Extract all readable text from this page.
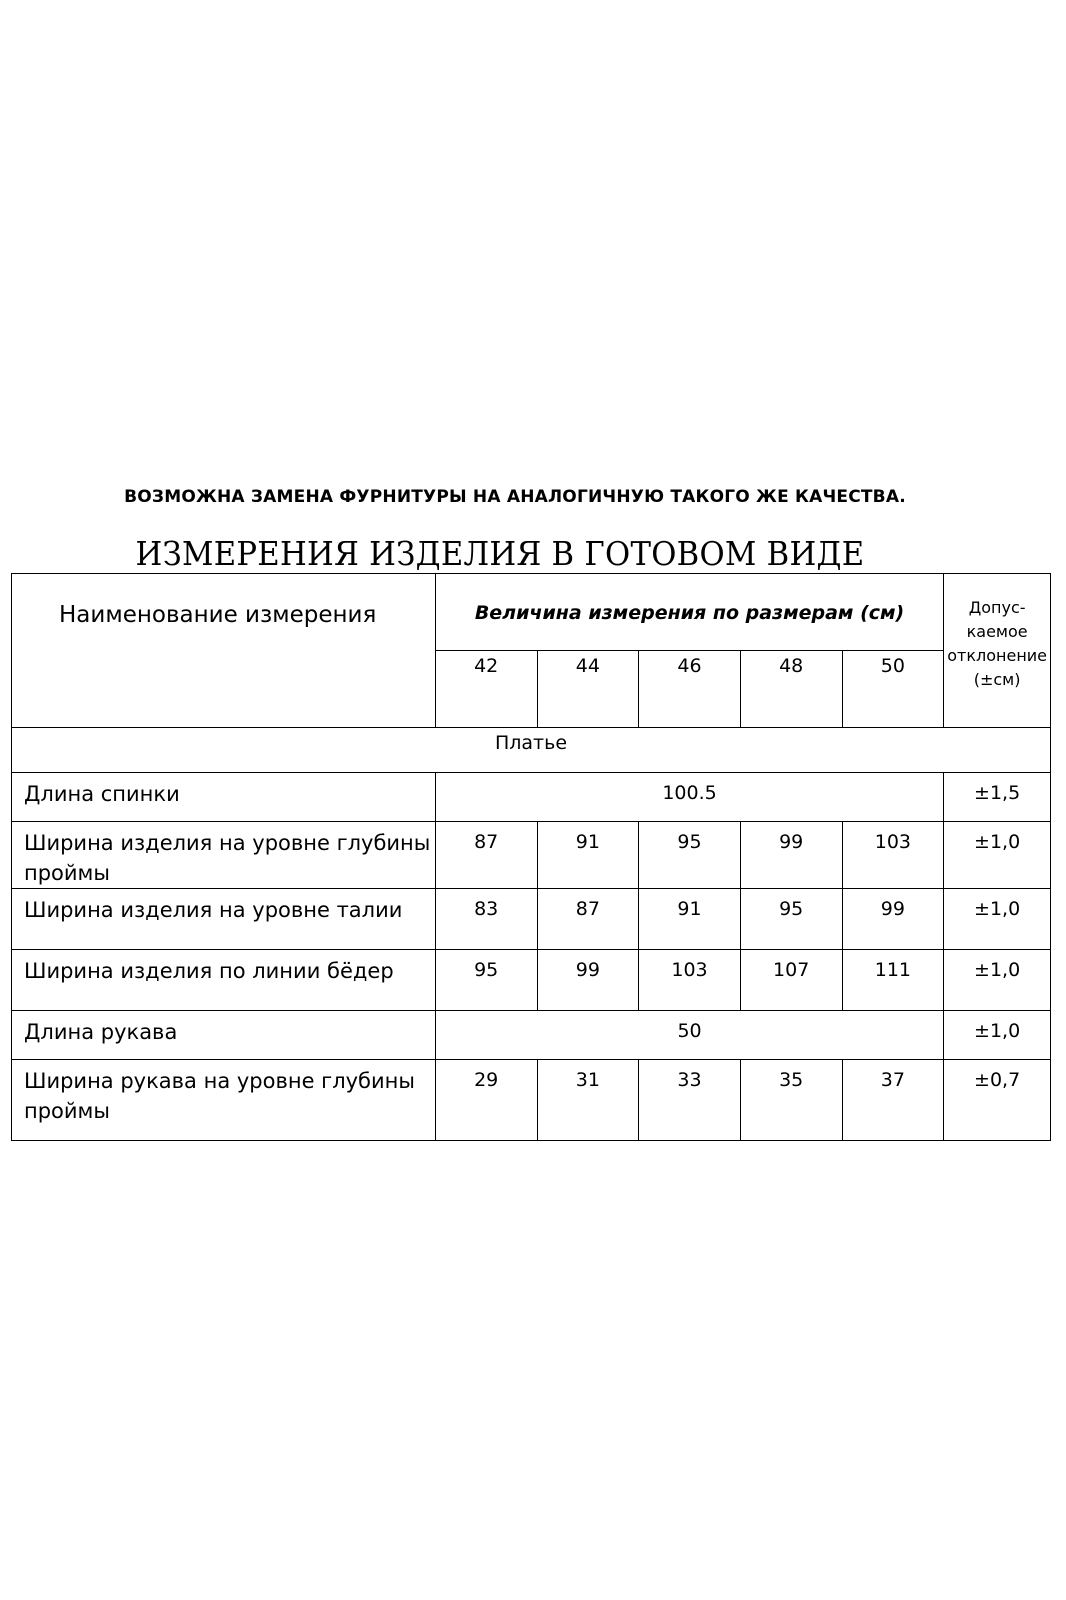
ВОЗМОЖНА ЗАМЕНА ФУРНИТУРЫ НА АНАЛОГИЧНУЮ ТАКОГО ЖЕ КАЧЕСТВА.
ИЗМЕРЕНИЯ ИЗДЕЛИЯ В ГОТОВОМ ВИДЕ
Наименование измерения	Величина измерения по размерам (см)					Допус-каемое отклонение (±см)
	42	44	46	48	50	
Платье						
Длина спинки	100.5					±1,5
Ширина изделия на уровне глубины проймы	87	91	95	99	103	±1,0
Ширина изделия на уровне талии	83	87	91	95	99	±1,0
Ширина изделия по линии бёдер	95	99	103	107	111	±1,0
Длина рукава	50					±1,0
Ширина рукава на уровне глубины проймы	29	31	33	35	37	±0,7
